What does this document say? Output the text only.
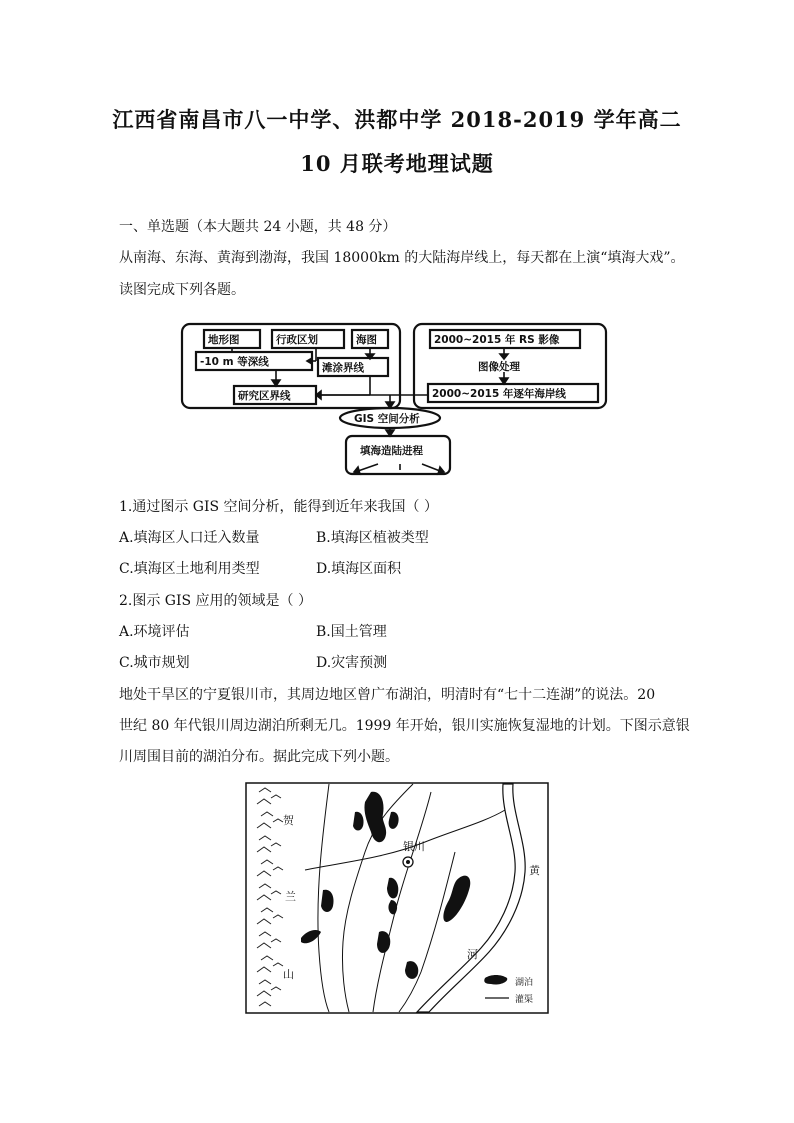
江西省南昌市八一中学、洪都中学 2018-2019 学年高二
10 月联考地理试题
一、单选题（本大题共 24 小题，共 48 分）
从南海、东海、黄海到渤海，我国 18000km 的大陆海岸线上，每天都在上演“填海大戏”。
读图完成下列各题。
地形图	行政区划	海图
-10 m 等深线	滩涂界线
研究区界线
2000~2015 年 RS 影像
图像处理
2000~2015 年逐年海岸线
GIS 空间分析
填海造陆进程
1.通过图示 GIS 空间分析，能得到近年来我国（ ）
A.填海区人口迁入数量	B.填海区植被类型
C.填海区土地利用类型	D.填海区面积
2.图示 GIS 应用的领域是（ ）
A.环境评估	B.国土管理
C.城市规划	D.灾害预测
地处干旱区的宁夏银川市，其周边地区曾广布湖泊，明清时有“七十二连湖”的说法。20
世纪 80 年代银川周边湖泊所剩无几。1999 年开始，银川实施恢复湿地的计划。下图示意银
川周围目前的湖泊分布。据此完成下列小题。
银川
贺
兰
山
黄
河
湖泊
灌渠
